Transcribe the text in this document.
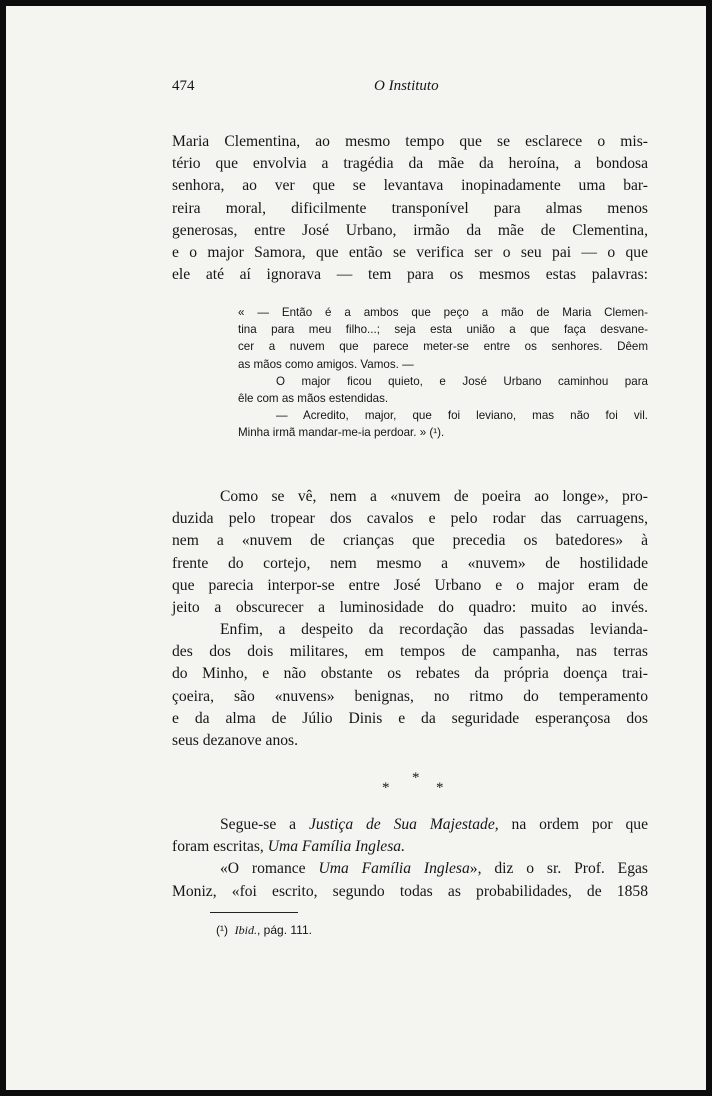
474	O Instituto

Maria Clementina, ao mesmo tempo que se esclarece o mis-
tério que envolvia a tragédia da mãe da heroína, a bondosa
senhora, ao ver que se levantava inopinadamente uma bar-
reira moral, dificilmente transponível para almas menos
generosas, entre José Urbano, irmão da mãe de Clementina,
e o major Samora, que então se verifica ser o seu pai — o que
ele até aí ignorava — tem para os mesmos estas palavras:

« — Então é a ambos que peço a mão de Maria Clemen-
tina para meu filho...; seja esta união a que faça desvane-
cer a nuvem que parece meter-se entre os senhores. Dêem
as mãos como amigos. Vamos. —
O major ficou quieto, e José Urbano caminhou para
êle com as mãos estendidas.
— Acredito, major, que foi leviano, mas não foi vil.
Minha irmã mandar-me-ia perdoar. » (¹).

Como se vê, nem a «nuvem de poeira ao longe», pro-
duzida pelo tropear dos cavalos e pelo rodar das carruagens,
nem a «nuvem de crianças que precedia os batedores» à
frente do cortejo, nem mesmo a «nuvem» de hostilidade
que parecia interpor-se entre José Urbano e o major eram de
jeito a obscurecer a luminosidade do quadro: muito ao invés.

Enfim, a despeito da recordação das passadas leviandа-
des dos dois militares, em tempos de campanha, nas terras
do Minho, e não obstante os rebates da própria doença trai-
çoeira, são «nuvens» benignas, no ritmo do temperamento
e da alma de Júlio Dinis e da seguridade esperançosa dos
seus dezanove anos.

*
*	*

Segue-se a Justiça de Sua Majestade, na ordem por que
foram escritas, Uma Família Inglesa.
«O romance Uma Família Inglesa», diz o sr. Prof. Egas
Moniz, «foi escrito, segundo todas as probabilidades, de 1858

(¹) Ibid., pág. 111.
